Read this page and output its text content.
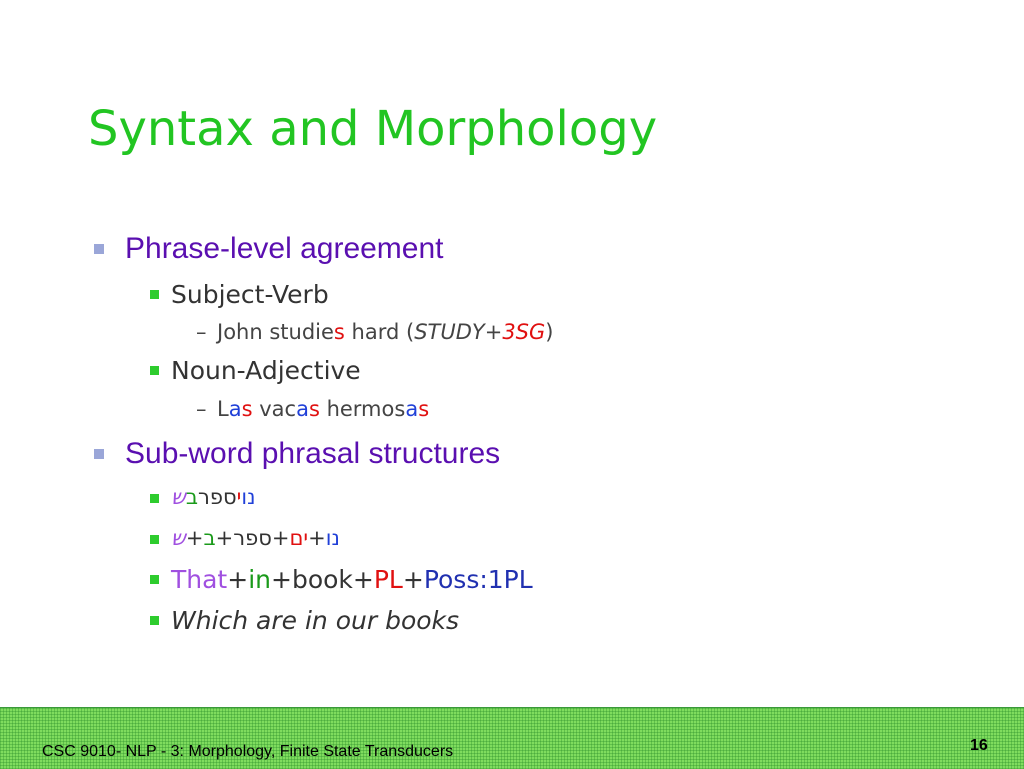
Syntax and Morphology
Phrase-level agreement
Subject-Verb
– John studies hard (STUDY+3SG)
Noun-Adjective
– Las vacas hermosas
Sub-word phrasal structures
נויספרבש
נו+ים+ספר+ב+ש
That+in+book+PL+Poss:1PL
Which are in our books
CSC 9010- NLP - 3: Morphology, Finite State Transducers	16
